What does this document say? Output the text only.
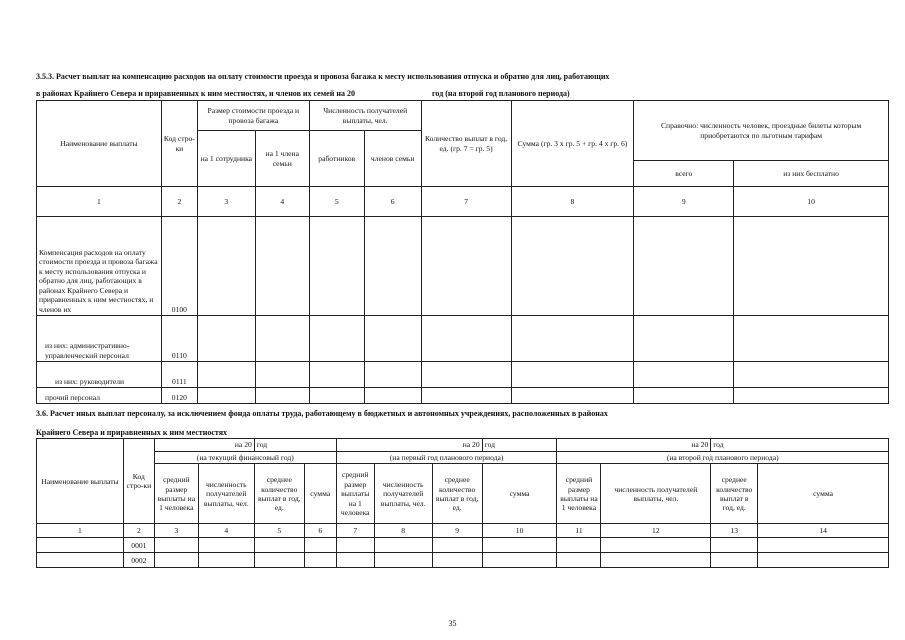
3.5.3. Расчет выплат на компенсацию расходов на оплату стоимости проезда и провоза багажа к месту использования отпуска и обратно для лиц, работающих
в районах Крайнего Севера и приравненных к ним местностях, и членов их семей на 20	год (на второй год планового периода)
Наименование выплаты	Код стро-ки	Размер стоимости проезда и провоза багажа		Численность получателей выплаты, чел.		Количество выплат в год, ед. (гр. 7 = гр. 5)	Сумма (гр. 3 х гр. 5 + гр. 4 х гр. 6)	Справочно: численность человек, проездные билеты которым приобретаются по льготным тарифам	
		на 1 сотрудника	на 1 члена семьи	работников	членов семьи				
								всего	из них бесплатно
1	2	3	4	5	6	7	8	9	10
Компенсация расходов на оплату стоимости проезда и провоза багажа к месту использования отпуска и обратно для лиц, работающих в районах Крайнего Севера и приравненных к ним местностях, и членов их	0100								
из них: административно-управленческий персонал	0110								
из них: руководители	0111								
прочий персонал	0120								
3.6. Расчет иных выплат персоналу, за исключением фонда оплаты труда, работающему в бюджетных и автономных учреждениях, расположенных в районах
Крайнего Севера и приравненных к ним местностях
Наименование выплаты	Код стро-ки	на 20		год		на 20			год	на 20		год	
		(на текущий финансовый год)				(на первый год планового периода)				(на второй год планового периода)			
		средний размер выплаты на 1 человека	численность получателей выплаты, чел.	среднее количество выплат в год, ед.	сумма	средний размер выплаты на 1 человека	численность получателей выплаты, чел.	среднее количество выплат в год, ед.	сумма	средний размер выплаты на 1 человека	численность получателей выплаты, чел.	среднее количество выплат в год, ед.	сумма
1	2	3	4	5	6	7	8	9	10	11	12	13	14
	0001												
	0002												
35
